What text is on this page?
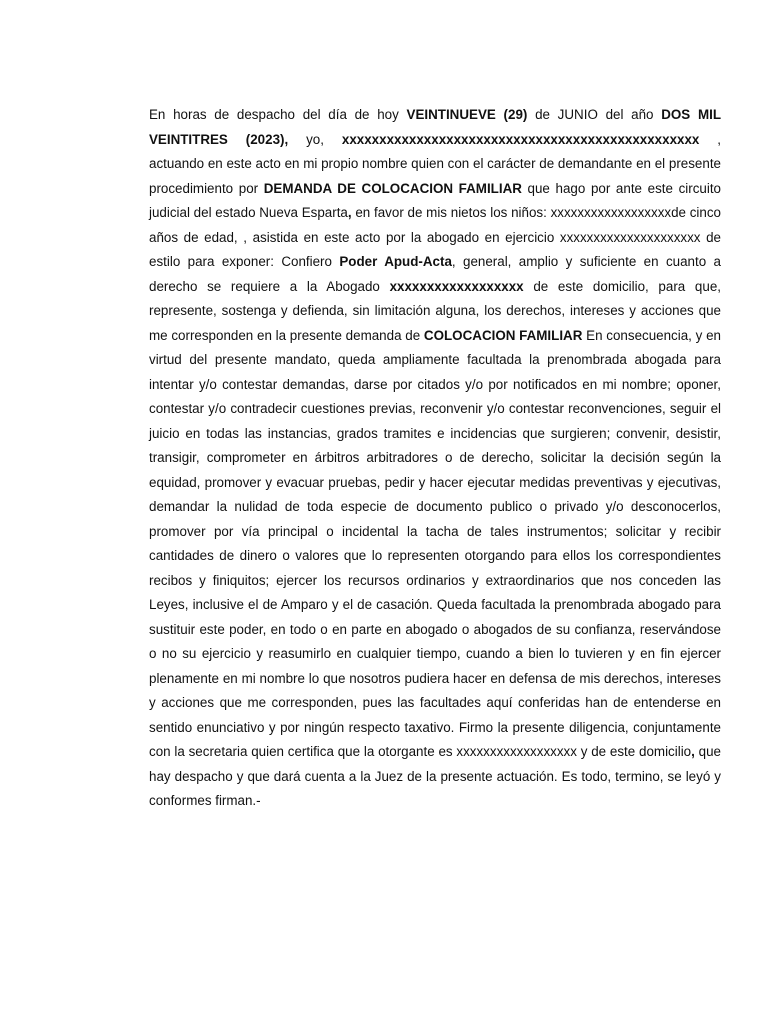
En horas de despacho del día de hoy VEINTINUEVE (29) de JUNIO del año DOS MIL VEINTITRES (2023), yo, xxxxxxxxxxxxxxxxxxxxxxxxxxxxxxxxxxxxxxxxxxxxxxxx , actuando en este acto en mi propio nombre quien con el carácter de demandante en el presente procedimiento por DEMANDA DE COLOCACION FAMILIAR que hago por ante este circuito judicial del estado Nueva Esparta, en favor de mis nietos los niños: xxxxxxxxxxxxxxxxxxde cinco años de edad, , asistida en este acto por la abogado en ejercicio xxxxxxxxxxxxxxxxxxxxx de estilo para exponer: Confiero Poder Apud-Acta, general, amplio y suficiente en cuanto a derecho se requiere a la Abogado xxxxxxxxxxxxxxxxxx de este domicilio, para que, represente, sostenga y defienda, sin limitación alguna, los derechos, intereses y acciones que me corresponden en la presente demanda de COLOCACION FAMILIAR En consecuencia, y en virtud del presente mandato, queda ampliamente facultada la prenombrada abogada para intentar y/o contestar demandas, darse por citados y/o por notificados en mi nombre; oponer, contestar y/o contradecir cuestiones previas, reconvenir y/o contestar reconvenciones, seguir el juicio en todas las instancias, grados tramites e incidencias que surgieren; convenir, desistir, transigir, comprometer en árbitros arbitradores o de derecho, solicitar la decisión según la equidad, promover y evacuar pruebas, pedir y hacer ejecutar medidas preventivas y ejecutivas, demandar la nulidad de toda especie de documento publico o privado y/o desconocerlos, promover por vía principal o incidental la tacha de tales instrumentos; solicitar y recibir cantidades de dinero o valores que lo representen otorgando para ellos los correspondientes recibos y finiquitos; ejercer los recursos ordinarios y extraordinarios que nos conceden las Leyes, inclusive el de Amparo y el de casación. Queda facultada la prenombrada abogado para sustituir este poder, en todo o en parte en abogado o abogados de su confianza, reservándose o no su ejercicio y reasumirlo en cualquier tiempo, cuando a bien lo tuvieren y en fin ejercer plenamente en mi nombre lo que nosotros pudiera hacer en defensa de mis derechos, intereses y acciones que me corresponden, pues las facultades aquí conferidas han de entenderse en sentido enunciativo y por ningún respecto taxativo. Firmo la presente diligencia, conjuntamente con la secretaria quien certifica que la otorgante es xxxxxxxxxxxxxxxxxx y de este domicilio, que hay despacho y que dará cuenta a la Juez de la presente actuación. Es todo, termino, se leyó y conformes firman.-
